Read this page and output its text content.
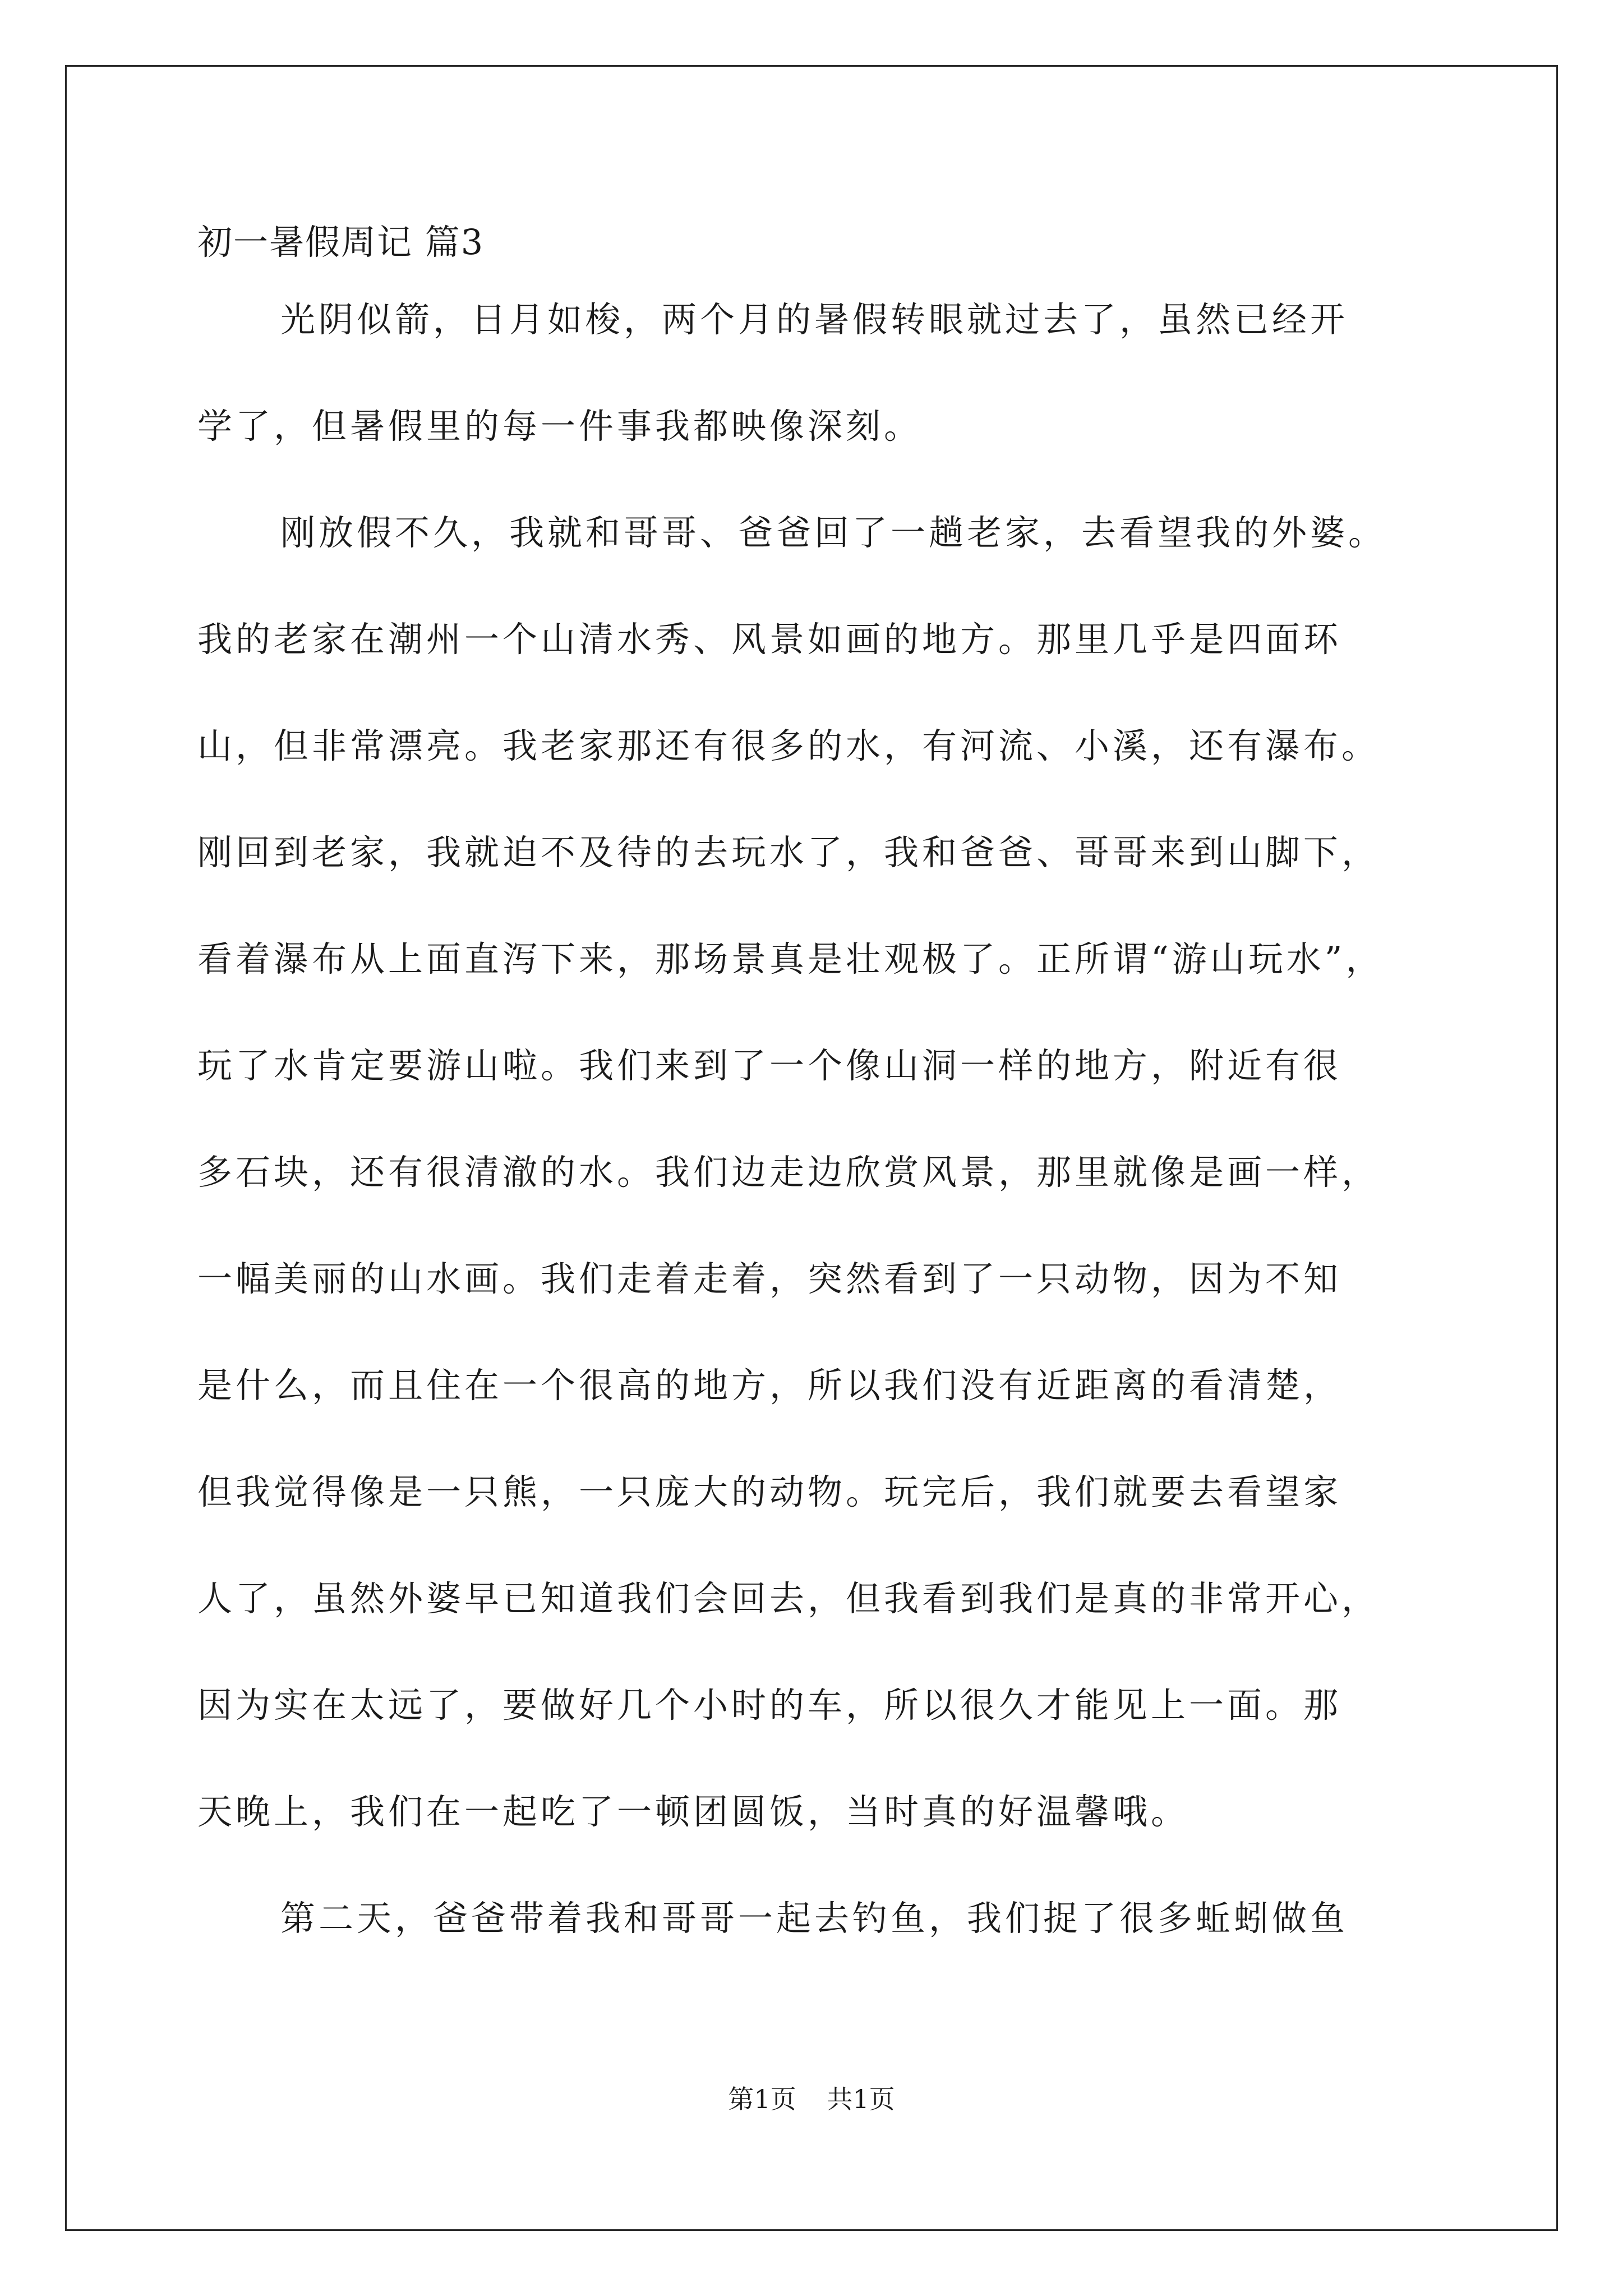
初一暑假周记 篇3
光阴似箭，日月如梭，两个月的暑假转眼就过去了，虽然已经开
学了，但暑假里的每一件事我都映像深刻。
刚放假不久，我就和哥哥、爸爸回了一趟老家，去看望我的外婆。
我的老家在潮州一个山清水秀、风景如画的地方。那里几乎是四面环
山，但非常漂亮。我老家那还有很多的水，有河流、小溪，还有瀑布。
刚回到老家，我就迫不及待的去玩水了，我和爸爸、哥哥来到山脚下，
看着瀑布从上面直泻下来，那场景真是壮观极了。正所谓“游山玩水”，
玩了水肯定要游山啦。我们来到了一个像山洞一样的地方，附近有很
多石块，还有很清澈的水。我们边走边欣赏风景，那里就像是画一样，
一幅美丽的山水画。我们走着走着，突然看到了一只动物，因为不知
是什么，而且住在一个很高的地方，所以我们没有近距离的看清楚，
但我觉得像是一只熊，一只庞大的动物。玩完后，我们就要去看望家
人了，虽然外婆早已知道我们会回去，但我看到我们是真的非常开心，
因为实在太远了，要做好几个小时的车，所以很久才能见上一面。那
天晚上，我们在一起吃了一顿团圆饭，当时真的好温馨哦。
第二天，爸爸带着我和哥哥一起去钓鱼，我们捉了很多蚯蚓做鱼
第1页 共1页
